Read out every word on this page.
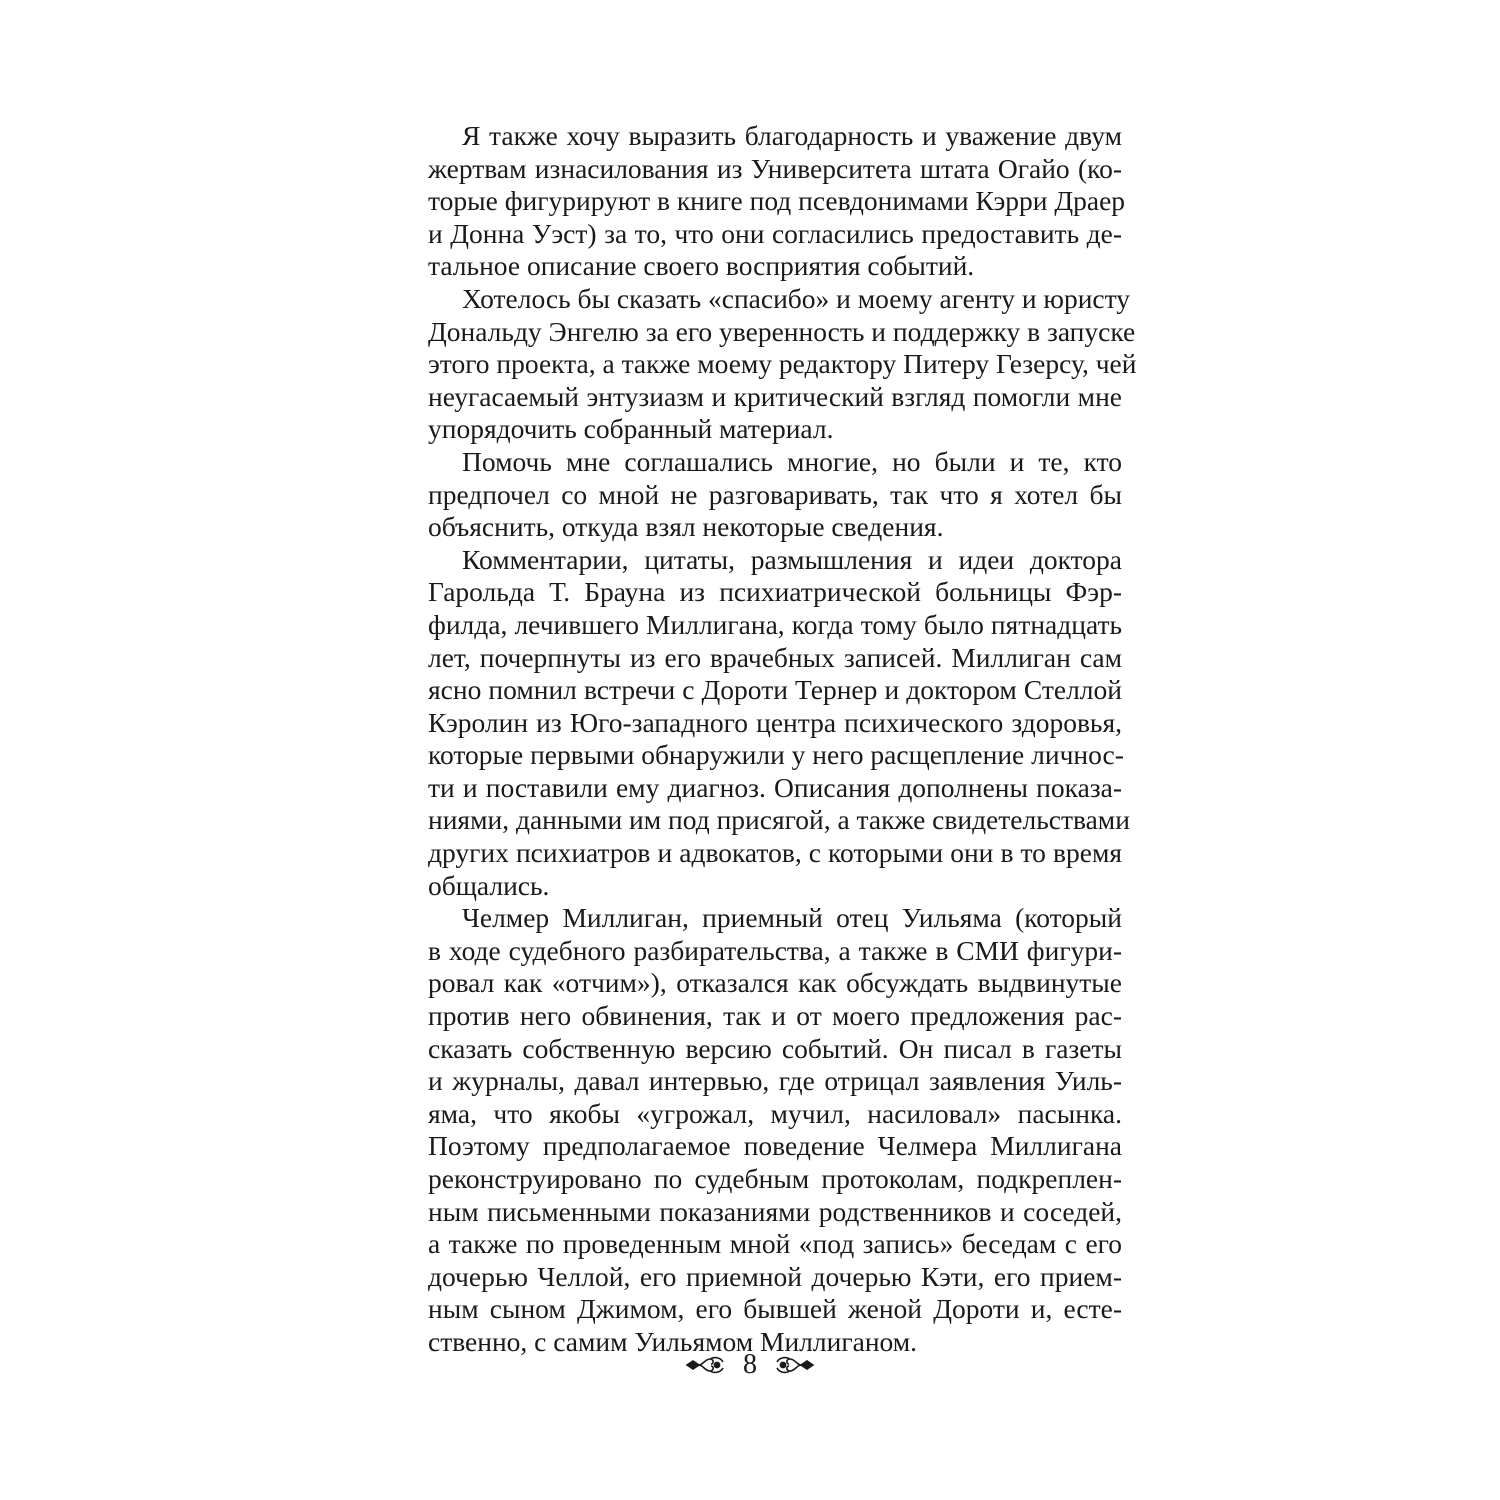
Я также хочу выразить благодарность и уважение двум
жертвам изнасилования из Университета штата Огайо (ко-
торые фигурируют в книге под псевдонимами Кэрри Драер
и Донна Уэст) за то, что они согласились предоставить де-
тальное описание своего восприятия событий.
Хотелось бы сказать «спасибо» и моему агенту и юристу
Дональду Энгелю за его уверенность и поддержку в запуске
этого проекта, а также моему редактору Питеру Гезерсу, чей
неугасаемый энтузиазм и критический взгляд помогли мне
упорядочить собранный материал.
Помочь мне соглашались многие, но были и те, кто
предпочел со мной не разговаривать, так что я хотел бы
объяснить, откуда взял некоторые сведения.
Комментарии, цитаты, размышления и идеи доктора
Гарольда Т. Брауна из психиатрической больницы Фэр-
филда, лечившего Миллигана, когда тому было пятнадцать
лет, почерпнуты из его врачебных записей. Миллиган сам
ясно помнил встречи с Дороти Тернер и доктором Стеллой
Кэролин из Юго-западного центра психического здоровья,
которые первыми обнаружили у него расщепление личнос-
ти и поставили ему диагноз. Описания дополнены показа-
ниями, данными им под присягой, а также свидетельствами
других психиатров и адвокатов, с которыми они в то время
общались.
Челмер Миллиган, приемный отец Уильяма (который
в ходе судебного разбирательства, а также в СМИ фигури-
ровал как «отчим»), отказался как обсуждать выдвинутые
против него обвинения, так и от моего предложения рас-
сказать собственную версию событий. Он писал в газеты
и журналы, давал интервью, где отрицал заявления Уиль-
яма, что якобы «угрожал, мучил, насиловал» пасынка.
Поэтому предполагаемое поведение Челмера Миллигана
реконструировано по судебным протоколам, подкреплен-
ным письменными показаниями родственников и соседей,
а также по проведенным мной «под запись» беседам с его
дочерью Челлой, его приемной дочерью Кэти, его прием-
ным сыном Джимом, его бывшей женой Дороти и, есте-
ственно, с самим Уильямом Миллиганом.
8
